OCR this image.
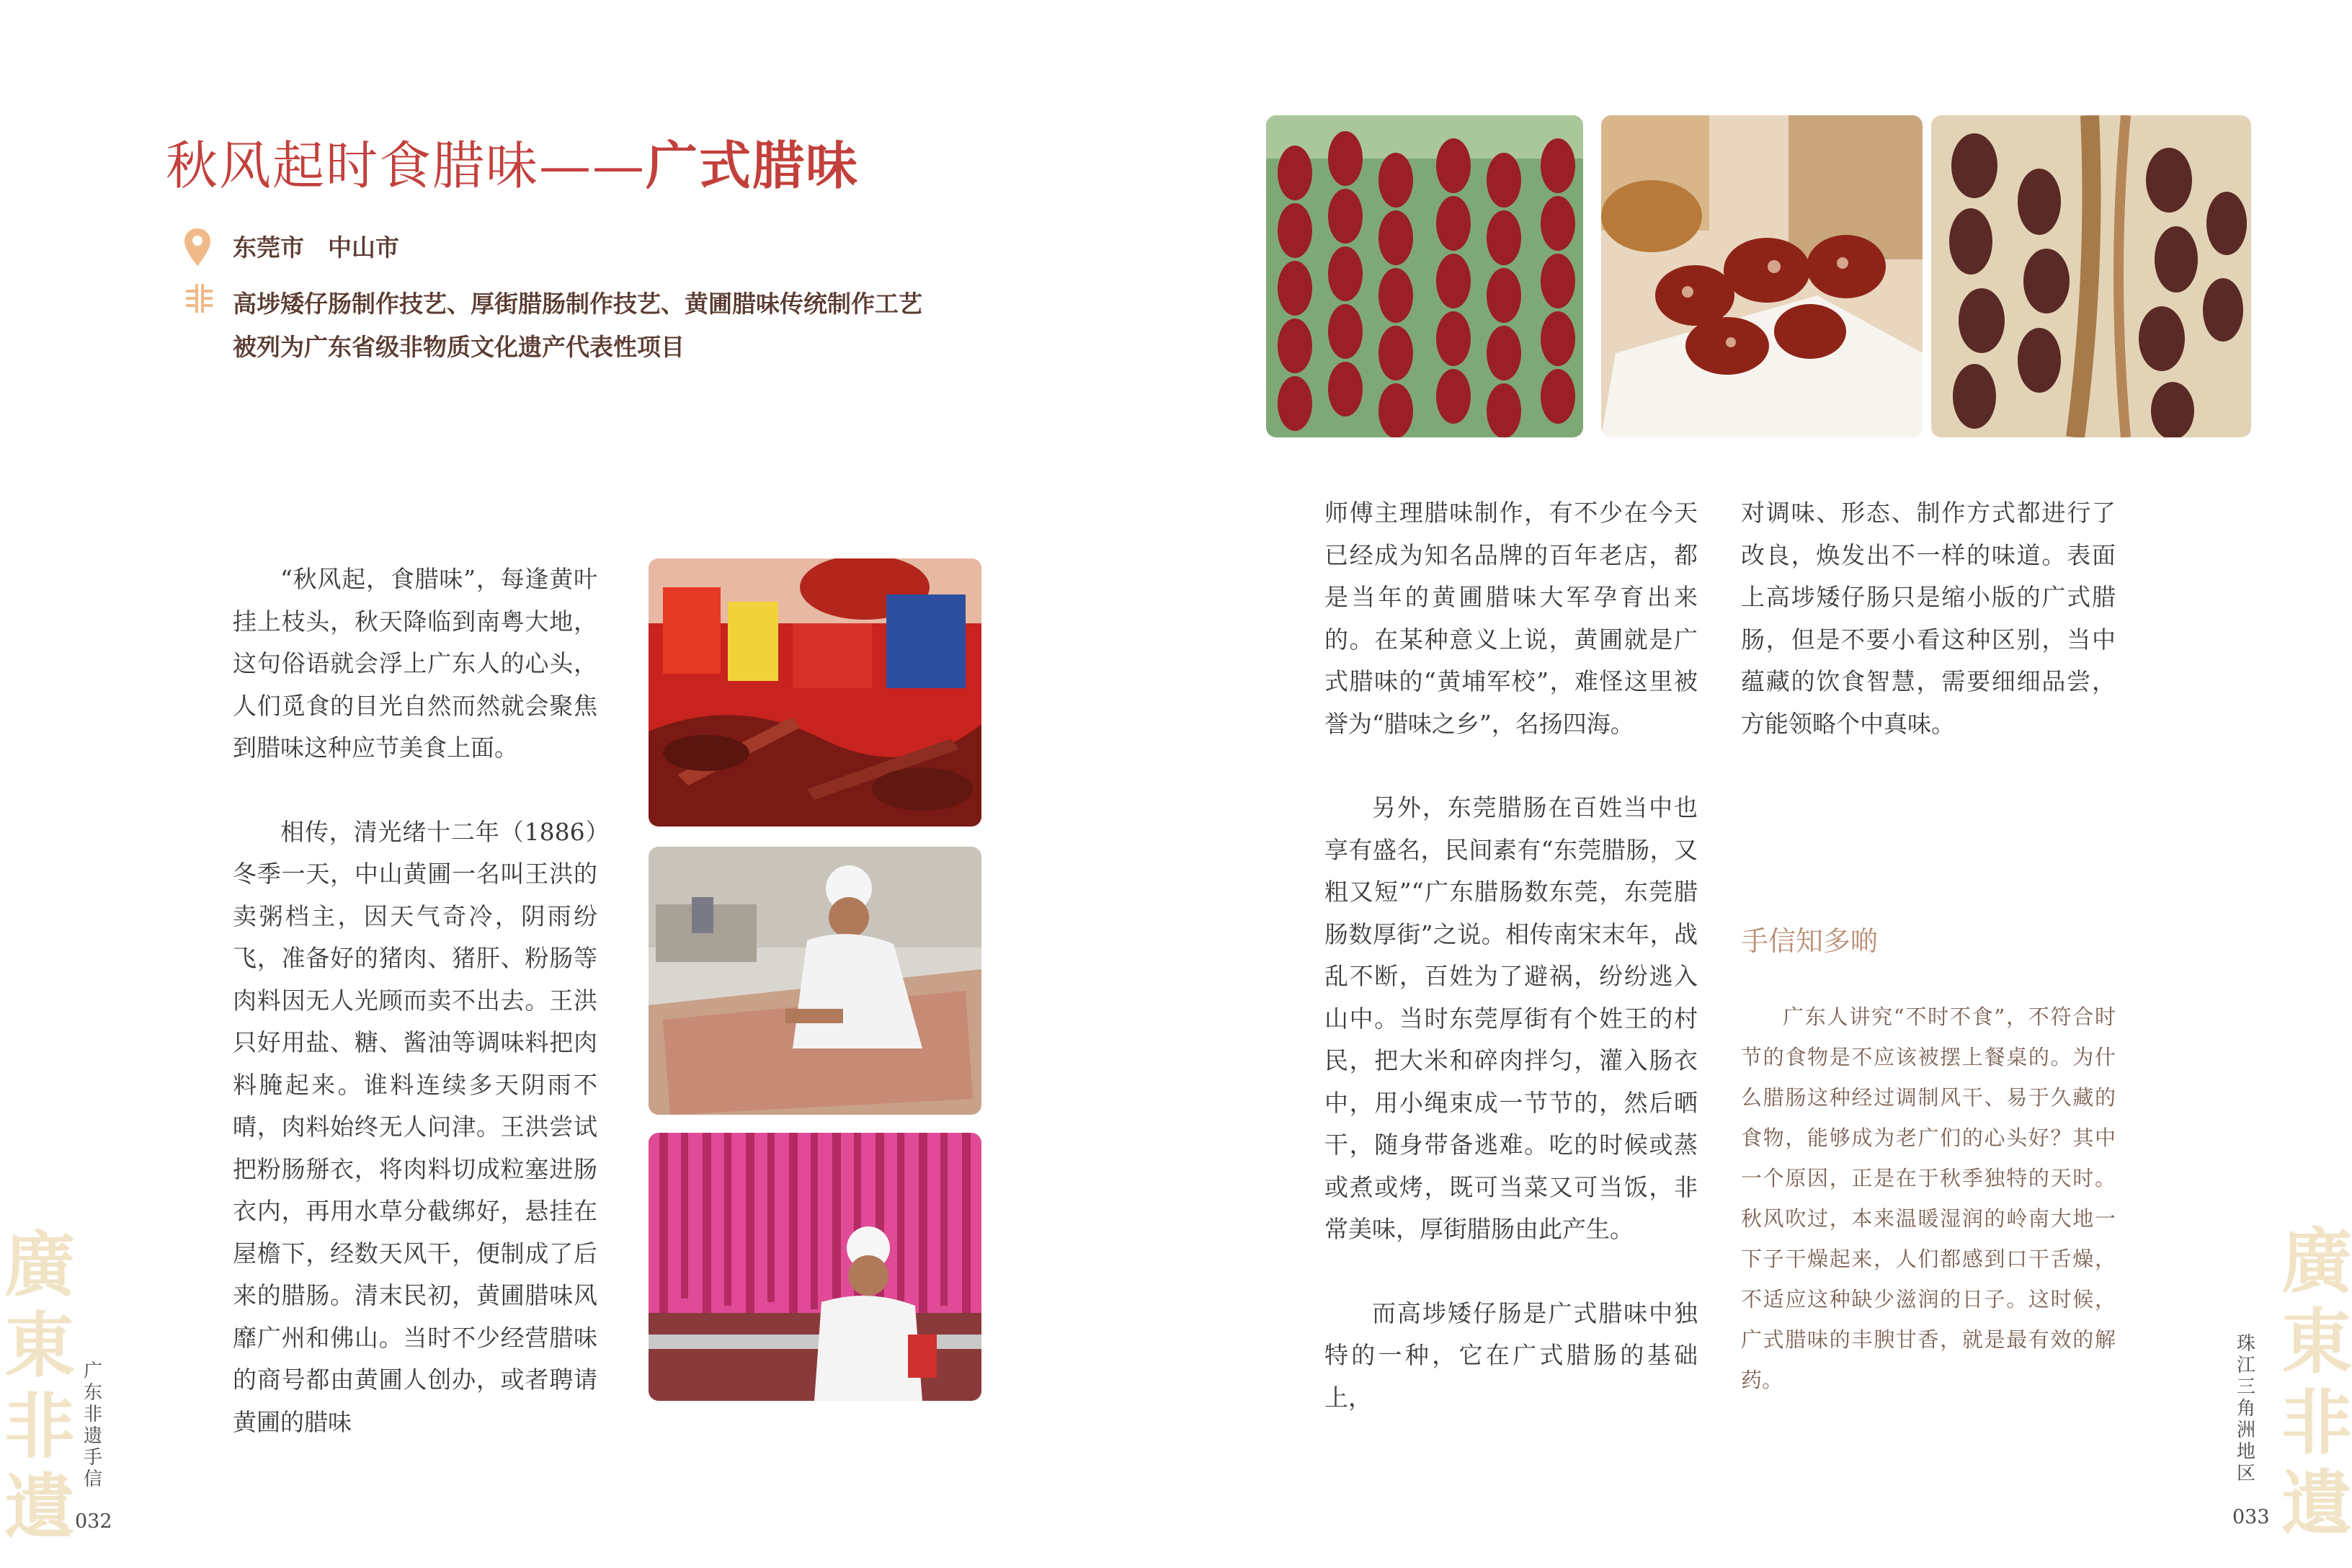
秋风起时食腊味——广式腊味
东莞市　中山市
高埗矮仔肠制作技艺、厚街腊肠制作技艺、黄圃腊味传统制作工艺
被列为广东省级非物质文化遗产代表性项目

“秋风起，食腊味”，每逢黄叶挂上枝头，秋天降临到南粤大地，这句俗语就会浮上广东人的心头，人们觅食的目光自然而然就会聚焦到腊味这种应节美食上面。

相传，清光绪十二年（1886）冬季一天，中山黄圃一名叫王洪的卖粥档主，因天气奇冷，阴雨纷飞，准备好的猪肉、猪肝、粉肠等肉料因无人光顾而卖不出去。王洪只好用盐、糖、酱油等调味料把肉料腌起来。谁料连续多天阴雨不晴，肉料始终无人问津。王洪尝试把粉肠掰衣，将肉料切成粒塞进肠衣内，再用水草分截绑好，悬挂在屋檐下，经数天风干，便制成了后来的腊肠。清末民初，黄圃腊味风靡广州和佛山。当时不少经营腊味的商号都由黄圃人创办，或者聘请黄圃的腊味

师傅主理腊味制作，有不少在今天已经成为知名品牌的百年老店，都是当年的黄圃腊味大军孕育出来的。在某种意义上说，黄圃就是广式腊味的“黄埔军校”，难怪这里被誉为“腊味之乡”，名扬四海。

另外，东莞腊肠在百姓当中也享有盛名，民间素有“东莞腊肠，又粗又短”“广东腊肠数东莞，东莞腊肠数厚街”之说。相传南宋末年，战乱不断，百姓为了避祸，纷纷逃入山中。当时东莞厚街有个姓王的村民，把大米和碎肉拌匀，灌入肠衣中，用小绳束成一节节的，然后晒干，随身带备逃难。吃的时候或蒸或煮或烤，既可当菜又可当饭，非常美味，厚街腊肠由此产生。

而高埗矮仔肠是广式腊味中独特的一种，它在广式腊肠的基础上，

对调味、形态、制作方式都进行了改良，焕发出不一样的味道。表面上高埗矮仔肠只是缩小版的广式腊肠，但是不要小看这种区别，当中蕴藏的饮食智慧，需要细细品尝，方能领略个中真味。

手信知多啲

广东人讲究“不时不食”，不符合时节的食物是不应该被摆上餐桌的。为什么腊肠这种经过调制风干、易于久藏的食物，能够成为老广们的心头好？其中一个原因，正是在于秋季独特的天时。秋风吹过，本来温暖湿润的岭南大地一下子干燥起来，人们都感到口干舌燥，不适应这种缺少滋润的日子。这时候，广式腊味的丰腴甘香，就是最有效的解药。

廣東非遺
广东非遗手信
032
廣東非遺
珠江三角洲地区
033
